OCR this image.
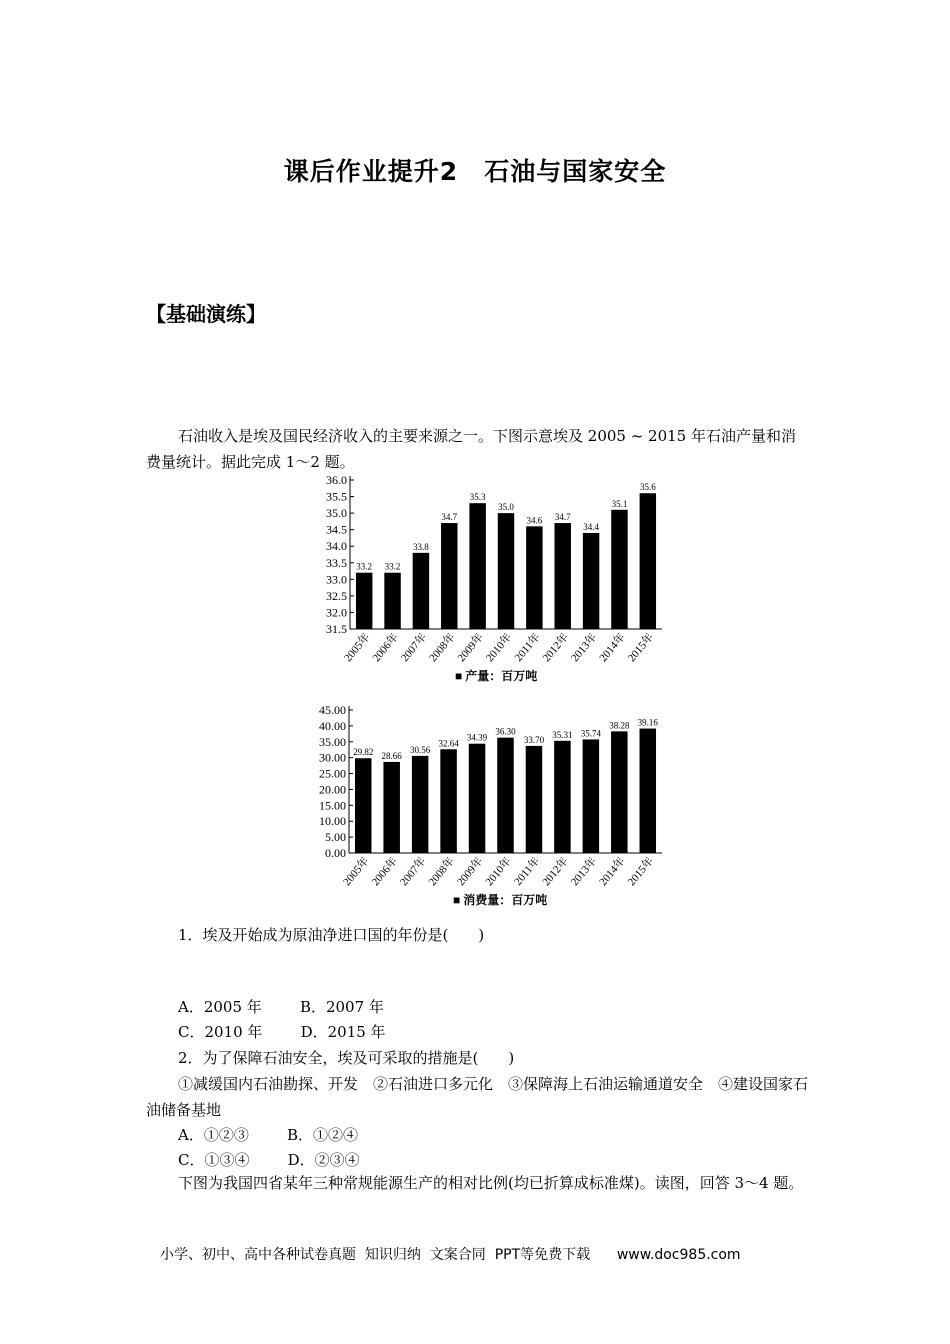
课后作业提升2　石油与国家安全
【基础演练】
石油收入是埃及国民经济收入的主要来源之一。下图示意埃及 2005 ~ 2015 年石油产量和消费量统计。据此完成 1～2 题。
31.5
32.0
32.5
33.0
33.5
34.0
34.5
35.0
35.5
36.0
33.2
2005年
33.2
2006年
33.8
2007年
34.7
2008年
35.3
2009年
35.0
2010年
34.6
2011年
34.7
2012年
34.4
2013年
35.1
2014年
35.6
2015年
■ 产量：百万吨
0.00
5.00
10.00
15.00
20.00
25.00
30.00
35.00
40.00
45.00
29.82
2005年
28.66
2006年
30.56
2007年
32.64
2008年
34.39
2009年
36.30
2010年
33.70
2011年
35.31
2012年
35.74
2013年
38.28
2014年
39.16
2015年
■ 消费量：百万吨
1．埃及开始成为原油净进口国的年份是(　　)
A．2005 年	B．2007 年
C．2010 年	D．2015 年
2．为了保障石油安全，埃及可采取的措施是(　　)
①减缓国内石油勘探、开发　②石油进口多元化　③保障海上石油运输通道安全　④建设国家石油储备基地
A．①②③	B．①②④
C．①③④	D．②③④
下图为我国四省某年三种常规能源生产的相对比例(均已折算成标准煤)。读图，回答 3～4 题。
小学、初中、高中各种试卷真题  知识归纳  文案合同  PPT等免费下载      www.doc985.com
